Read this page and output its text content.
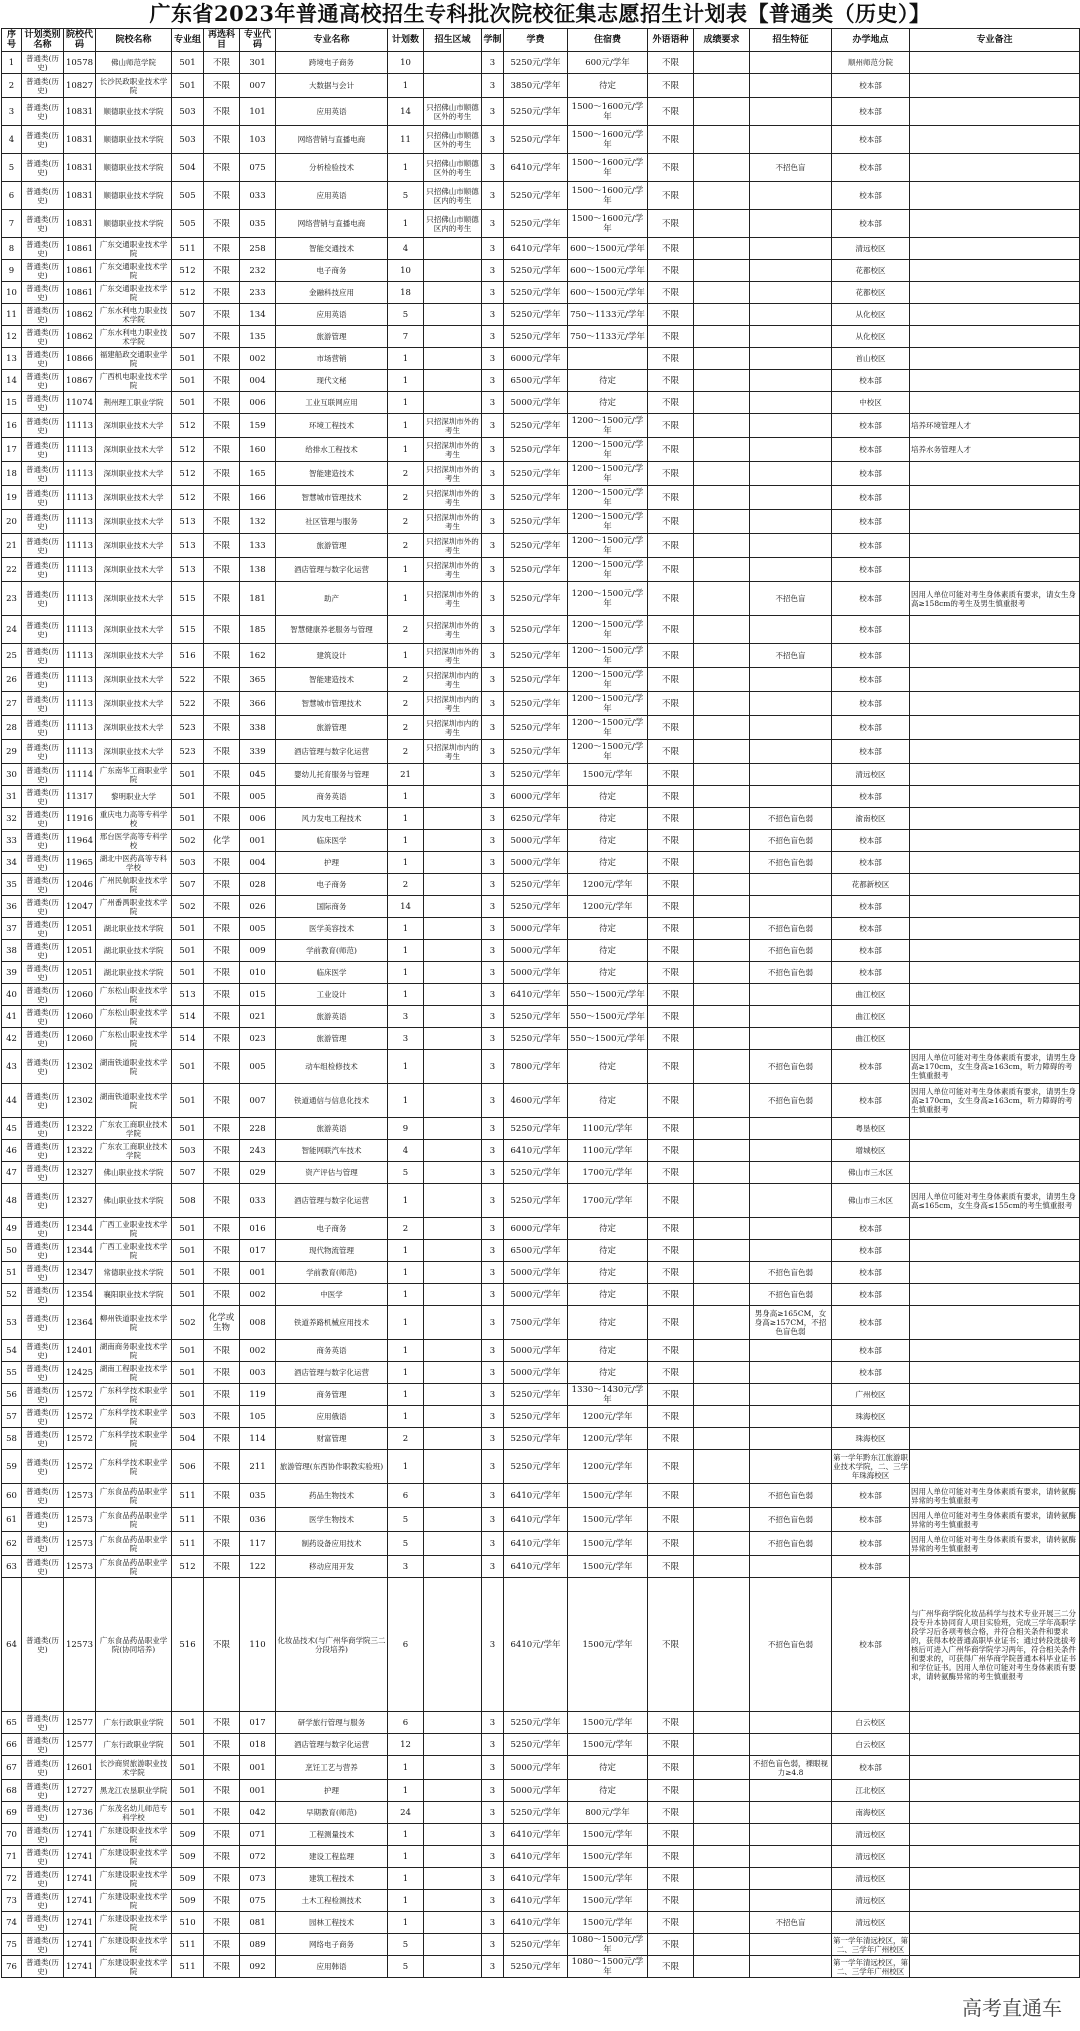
广东省2023年普通高校招生专科批次院校征集志愿招生计划表【普通类（历史）】
序号	计划类别名称	院校代码	院校名称	专业组	再选科目	专业代码	专业名称	计划数	招生区域	学制	学费	住宿费	外语语种	成绩要求	招生特征	办学地点	专业备注
1	普通类(历史)	10578	佛山师范学院	501	不限	301	跨境电子商务	10		3	5250元/学年	600元/学年	不限			顺州师范分院	
2	普通类(历史)	10827	长沙民政职业技术学院	501	不限	007	大数据与会计	1		3	3850元/学年	待定	不限			校本部	
3	普通类(历史)	10831	顺德职业技术学院	503	不限	101	应用英语	14	只招佛山市顺德区外的考生	3	5250元/学年	1500～1600元/学年	不限			校本部	
4	普通类(历史)	10831	顺德职业技术学院	503	不限	103	网络营销与直播电商	11	只招佛山市顺德区外的考生	3	5250元/学年	1500～1600元/学年	不限			校本部	
5	普通类(历史)	10831	顺德职业技术学院	504	不限	075	分析检验技术	1	只招佛山市顺德区外的考生	3	6410元/学年	1500～1600元/学年	不限		不招色盲	校本部	
6	普通类(历史)	10831	顺德职业技术学院	505	不限	033	应用英语	5	只招佛山市顺德区内的考生	3	5250元/学年	1500～1600元/学年	不限			校本部	
7	普通类(历史)	10831	顺德职业技术学院	505	不限	035	网络营销与直播电商	1	只招佛山市顺德区内的考生	3	5250元/学年	1500～1600元/学年	不限			校本部	
8	普通类(历史)	10861	广东交通职业技术学院	511	不限	258	智能交通技术	4		3	6410元/学年	600～1500元/学年	不限			清远校区	
9	普通类(历史)	10861	广东交通职业技术学院	512	不限	232	电子商务	10		3	5250元/学年	600～1500元/学年	不限			花都校区	
10	普通类(历史)	10861	广东交通职业技术学院	512	不限	233	金融科技应用	18		3	5250元/学年	600～1500元/学年	不限			花都校区	
11	普通类(历史)	10862	广东水利电力职业技术学院	507	不限	134	应用英语	5		3	5250元/学年	750～1133元/学年	不限			从化校区	
12	普通类(历史)	10862	广东水利电力职业技术学院	507	不限	135	旅游管理	7		3	5250元/学年	750～1133元/学年	不限			从化校区	
13	普通类(历史)	10866	福建船政交通职业学院	501	不限	002	市场营销	1		3	6000元/学年		不限			首山校区	
14	普通类(历史)	10867	广西机电职业技术学院	501	不限	004	现代文秘	1		3	6500元/学年	待定	不限			校本部	
15	普通类(历史)	11074	荆州理工职业学院	501	不限	006	工业互联网应用	1		3	5000元/学年	待定	不限			中校区	
16	普通类(历史)	11113	深圳职业技术大学	512	不限	159	环境工程技术	1	只招深圳市外的考生	3	5250元/学年	1200～1500元/学年	不限			校本部	培养环境管理人才
17	普通类(历史)	11113	深圳职业技术大学	512	不限	160	给排水工程技术	1	只招深圳市外的考生	3	5250元/学年	1200～1500元/学年	不限			校本部	培养水务管理人才
18	普通类(历史)	11113	深圳职业技术大学	512	不限	165	智能建造技术	2	只招深圳市外的考生	3	5250元/学年	1200～1500元/学年	不限			校本部	
19	普通类(历史)	11113	深圳职业技术大学	512	不限	166	智慧城市管理技术	2	只招深圳市外的考生	3	5250元/学年	1200～1500元/学年	不限			校本部	
20	普通类(历史)	11113	深圳职业技术大学	513	不限	132	社区管理与服务	2	只招深圳市外的考生	3	5250元/学年	1200～1500元/学年	不限			校本部	
21	普通类(历史)	11113	深圳职业技术大学	513	不限	133	旅游管理	2	只招深圳市外的考生	3	5250元/学年	1200～1500元/学年	不限			校本部	
22	普通类(历史)	11113	深圳职业技术大学	513	不限	138	酒店管理与数字化运营	1	只招深圳市外的考生	3	5250元/学年	1200～1500元/学年	不限			校本部	
23	普通类(历史)	11113	深圳职业技术大学	515	不限	181	助产	1	只招深圳市外的考生	3	5250元/学年	1200～1500元/学年	不限		不招色盲	校本部	因用人单位可能对考生身体素质有要求，请女生身高≥158cm的考生及男生慎重报考
24	普通类(历史)	11113	深圳职业技术大学	515	不限	185	智慧健康养老服务与管理	2	只招深圳市外的考生	3	5250元/学年	1200～1500元/学年	不限			校本部	
25	普通类(历史)	11113	深圳职业技术大学	516	不限	162	建筑设计	1	只招深圳市外的考生	3	5250元/学年	1200～1500元/学年	不限		不招色盲	校本部	
26	普通类(历史)	11113	深圳职业技术大学	522	不限	365	智能建造技术	2	只招深圳市内的考生	3	5250元/学年	1200～1500元/学年	不限			校本部	
27	普通类(历史)	11113	深圳职业技术大学	522	不限	366	智慧城市管理技术	2	只招深圳市内的考生	3	5250元/学年	1200～1500元/学年	不限			校本部	
28	普通类(历史)	11113	深圳职业技术大学	523	不限	338	旅游管理	2	只招深圳市内的考生	3	5250元/学年	1200～1500元/学年	不限			校本部	
29	普通类(历史)	11113	深圳职业技术大学	523	不限	339	酒店管理与数字化运营	2	只招深圳市内的考生	3	5250元/学年	1200～1500元/学年	不限			校本部	
30	普通类(历史)	11114	广东南华工商职业学院	501	不限	045	婴幼儿托育服务与管理	21		3	5250元/学年	1500元/学年	不限			清远校区	
31	普通类(历史)	11317	黎明职业大学	501	不限	005	商务英语	1		3	6000元/学年	待定	不限			校本部	
32	普通类(历史)	11916	重庆电力高等专科学校	501	不限	006	风力发电工程技术	1		3	6250元/学年	待定	不限		不招色盲色弱	渝南校区	
33	普通类(历史)	11964	邢台医学高等专科学校	502	化学	001	临床医学	1		3	5000元/学年	待定	不限		不招色盲色弱	校本部	
34	普通类(历史)	11965	湖北中医药高等专科学校	503	不限	004	护理	1		3	5000元/学年	待定	不限		不招色盲色弱	校本部	
35	普通类(历史)	12046	广州民航职业技术学院	507	不限	028	电子商务	2		3	5250元/学年	1200元/学年	不限			花都新校区	
36	普通类(历史)	12047	广州番禺职业技术学院	502	不限	026	国际商务	14		3	5250元/学年	1200元/学年	不限			校本部	
37	普通类(历史)	12051	湖北职业技术学院	501	不限	005	医学美容技术	1		3	5000元/学年	待定	不限		不招色盲色弱	校本部	
38	普通类(历史)	12051	湖北职业技术学院	501	不限	009	学前教育(师范)	1		3	5000元/学年	待定	不限		不招色盲色弱	校本部	
39	普通类(历史)	12051	湖北职业技术学院	501	不限	010	临床医学	1		3	5000元/学年	待定	不限		不招色盲色弱	校本部	
40	普通类(历史)	12060	广东松山职业技术学院	513	不限	015	工业设计	1		3	6410元/学年	550～1500元/学年	不限			曲江校区	
41	普通类(历史)	12060	广东松山职业技术学院	514	不限	021	旅游英语	3		3	5250元/学年	550～1500元/学年	不限			曲江校区	
42	普通类(历史)	12060	广东松山职业技术学院	514	不限	023	旅游管理	3		3	5250元/学年	550～1500元/学年	不限			曲江校区	
43	普通类(历史)	12302	湖南铁道职业技术学院	501	不限	005	动车组检修技术	1		3	7800元/学年	待定	不限		不招色盲色弱	校本部	因用人单位可能对考生身体素质有要求，请男生身高≥170cm，女生身高≥163cm，听力障碍的考生慎重报考
44	普通类(历史)	12302	湖南铁道职业技术学院	501	不限	007	铁道通信与信息化技术	1		3	4600元/学年	待定	不限		不招色盲色弱	校本部	因用人单位可能对考生身体素质有要求，请男生身高≥170cm，女生身高≥163cm，听力障碍的考生慎重报考
45	普通类(历史)	12322	广东农工商职业技术学院	501	不限	228	旅游英语	9		3	5250元/学年	1100元/学年	不限			粤垦校区	
46	普通类(历史)	12322	广东农工商职业技术学院	503	不限	243	智能网联汽车技术	4		3	6410元/学年	1100元/学年	不限			增城校区	
47	普通类(历史)	12327	佛山职业技术学院	507	不限	029	资产评估与管理	5		3	5250元/学年	1700元/学年	不限			佛山市三水区	
48	普通类(历史)	12327	佛山职业技术学院	508	不限	033	酒店管理与数字化运营	1		3	5250元/学年	1700元/学年	不限			佛山市三水区	因用人单位可能对考生身体素质有要求，请男生身高≤165cm，女生身高≤155cm的考生慎重报考
49	普通类(历史)	12344	广西工业职业技术学院	501	不限	016	电子商务	2		3	6000元/学年	待定	不限			校本部	
50	普通类(历史)	12344	广西工业职业技术学院	501	不限	017	现代物流管理	1		3	6500元/学年	待定	不限			校本部	
51	普通类(历史)	12347	常德职业技术学院	501	不限	001	学前教育(师范)	1		3	5000元/学年	待定	不限		不招色盲色弱	校本部	
52	普通类(历史)	12354	襄阳职业技术学院	501	不限	002	中医学	1		3	5000元/学年	待定	不限		不招色盲色弱	校本部	
53	普通类(历史)	12364	柳州铁道职业技术学院	502	化学或生物	008	铁道养路机械应用技术	1		3	7500元/学年	待定	不限		男身高≥165CM，女身高≥157CM，不招色盲色弱	校本部	
54	普通类(历史)	12401	湖南商务职业技术学院	501	不限	002	商务英语	1		3	5000元/学年	待定	不限			校本部	
55	普通类(历史)	12425	湖南工程职业技术学院	501	不限	003	酒店管理与数字化运营	1		3	5000元/学年	待定	不限			校本部	
56	普通类(历史)	12572	广东科学技术职业学院	501	不限	119	商务管理	1		3	5250元/学年	1330～1430元/学年	不限			广州校区	
57	普通类(历史)	12572	广东科学技术职业学院	503	不限	105	应用俄语	1		3	5250元/学年	1200元/学年	不限			珠海校区	
58	普通类(历史)	12572	广东科学技术职业学院	504	不限	114	财富管理	2		3	5250元/学年	1200元/学年	不限			珠海校区	
59	普通类(历史)	12572	广东科学技术职业学院	506	不限	211	旅游管理(东西协作职教实验班)	1		3	5250元/学年	1200元/学年	不限			第一学年黔东江旅游职业技术学院，二、三学年珠海校区	
60	普通类(历史)	12573	广东食品药品职业学院	511	不限	035	药品生物技术	6		3	6410元/学年	1500元/学年	不限		不招色盲色弱	校本部	因用人单位可能对考生身体素质有要求，请转氨酶异常的考生慎重报考
61	普通类(历史)	12573	广东食品药品职业学院	511	不限	036	医学生物技术	5		3	6410元/学年	1500元/学年	不限		不招色盲色弱	校本部	因用人单位可能对考生身体素质有要求，请转氨酶异常的考生慎重报考
62	普通类(历史)	12573	广东食品药品职业学院	511	不限	117	制药设备应用技术	5		3	6410元/学年	1500元/学年	不限		不招色盲色弱	校本部	因用人单位可能对考生身体素质有要求，请转氨酶异常的考生慎重报考
63	普通类(历史)	12573	广东食品药品职业学院	512	不限	122	移动应用开发	3		3	6410元/学年	1500元/学年	不限			校本部	
64	普通类(历史)	12573	广东食品药品职业学院(协同培养)	516	不限	110	化妆品技术(与广州华商学院三二分段培养)	6		3	6410元/学年	1500元/学年	不限		不招色盲色弱	校本部	与广州华商学院化妆品科学与技术专业开展三二分段专升本协同育人项目实验班，完成三学年高职学段学习后各项考核合格，并符合相关条件和要求的，获得本校普通高职毕业证书；通过转段选拔考核后可进入广州华商学院学习两年，符合相关条件和要求的，可获得广州华商学院普通本科毕业证书和学位证书。因用人单位可能对考生身体素质有要求，请转氨酶异常的考生慎重报考
65	普通类(历史)	12577	广东行政职业学院	501	不限	017	研学旅行管理与服务	6		3	5250元/学年	1500元/学年	不限			白云校区	
66	普通类(历史)	12577	广东行政职业学院	501	不限	018	酒店管理与数字化运营	12		3	5250元/学年	1500元/学年	不限			白云校区	
67	普通类(历史)	12601	长沙商贸旅游职业技术学院	501	不限	001	烹饪工艺与营养	1		3	5000元/学年	待定	不限		不招色盲色弱，裸眼视力≥4.8	校本部	
68	普通类(历史)	12727	黑龙江农垦职业学院	501	不限	001	护理	1		3	5000元/学年	待定	不限			江北校区	
69	普通类(历史)	12736	广东茂名幼儿师范专科学校	501	不限	042	早期教育(师范)	24		3	5250元/学年	800元/学年	不限			南海校区	
70	普通类(历史)	12741	广东建设职业技术学院	509	不限	071	工程测量技术	1		3	6410元/学年	1500元/学年	不限			清远校区	
71	普通类(历史)	12741	广东建设职业技术学院	509	不限	072	建设工程监理	1		3	6410元/学年	1500元/学年	不限			清远校区	
72	普通类(历史)	12741	广东建设职业技术学院	509	不限	073	建筑工程技术	1		3	6410元/学年	1500元/学年	不限			清远校区	
73	普通类(历史)	12741	广东建设职业技术学院	509	不限	075	土木工程检测技术	1		3	6410元/学年	1500元/学年	不限			清远校区	
74	普通类(历史)	12741	广东建设职业技术学院	510	不限	081	园林工程技术	1		3	6410元/学年	1500元/学年	不限		不招色盲	清远校区	
75	普通类(历史)	12741	广东建设职业技术学院	511	不限	089	网络电子商务	5		3	5250元/学年	1080～1500元/学年	不限			第一学年清远校区，第二、三学年广州校区	
76	普通类(历史)	12741	广东建设职业技术学院	511	不限	092	应用韩语	5		3	5250元/学年	1080～1500元/学年	不限			第一学年清远校区，第二、三学年广州校区	
高考直通车
